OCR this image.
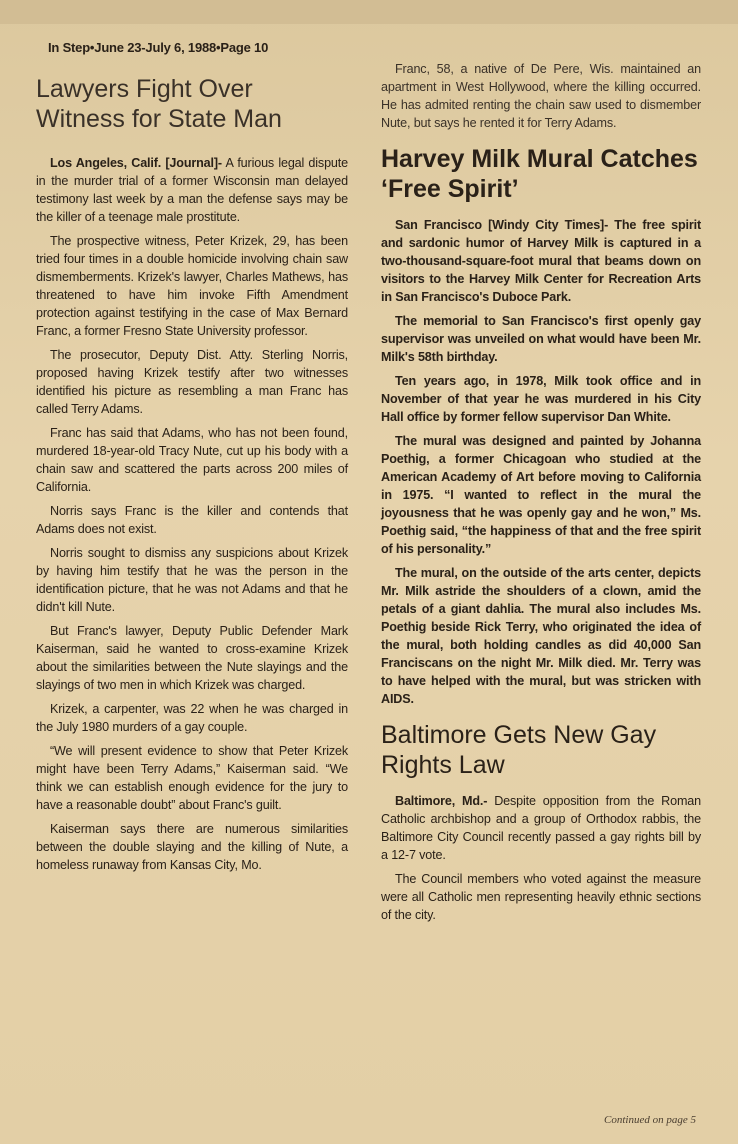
In Step•June 23-July 6, 1988•Page 10
Lawyers Fight Over Witness for State Man

Los Angeles, Calif. [Journal]- A furious legal dispute in the murder trial of a former Wisconsin man delayed testimony last week by a man the defense says may be the killer of a teenage male prostitute.

The prospective witness, Peter Krizek, 29, has been tried four times in a double homicide involving chain saw dismemberments. Krizek's lawyer, Charles Mathews, has threatened to have him invoke Fifth Amendment protection against testifying in the case of Max Bernard Franc, a former Fresno State University professor.

The prosecutor, Deputy Dist. Atty. Sterling Norris, proposed having Krizek testify after two witnesses identified his picture as resembling a man Franc has called Terry Adams.

Franc has said that Adams, who has not been found, murdered 18-year-old Tracy Nute, cut up his body with a chain saw and scattered the parts across 200 miles of California.

Norris says Franc is the killer and contends that Adams does not exist.

Norris sought to dismiss any suspicions about Krizek by having him testify that he was the person in the identification picture, that he was not Adams and that he didn't kill Nute.

But Franc's lawyer, Deputy Public Defender Mark Kaiserman, said he wanted to cross-examine Krizek about the similarities between the Nute slayings and the slayings of two men in which Krizek was charged.

Krizek, a carpenter, was 22 when he was charged in the July 1980 murders of a gay couple.

“We will present evidence to show that Peter Krizek might have been Terry Adams,” Kaiserman said. “We think we can establish enough evidence for the jury to have a reasonable doubt” about Franc's guilt.

Kaiserman says there are numerous similarities between the double slaying and the killing of Nute, a homeless runaway from Kansas City, Mo.

Franc, 58, a native of De Pere, Wis. maintained an apartment in West Hollywood, where the killing occurred. He has admited renting the chain saw used to dismember Nute, but says he rented it for Terry Adams.

Harvey Milk Mural Catches ‘Free Spirit’

San Francisco [Windy City Times]- The free spirit and sardonic humor of Harvey Milk is captured in a two-thousand-square-foot mural that beams down on visitors to the Harvey Milk Center for Recreation Arts in San Francisco's Duboce Park.

The memorial to San Francisco's first openly gay supervisor was unveiled on what would have been Mr. Milk's 58th birthday.

Ten years ago, in 1978, Milk took office and in November of that year he was murdered in his City Hall office by former fellow supervisor Dan White.

The mural was designed and painted by Johanna Poethig, a former Chicagoan who studied at the American Academy of Art before moving to California in 1975. “I wanted to reflect in the mural the joyousness that he was openly gay and he won,” Ms. Poethig said, “the happiness of that and the free spirit of his personality.”

The mural, on the outside of the arts center, depicts Mr. Milk astride the shoulders of a clown, amid the petals of a giant dahlia. The mural also includes Ms. Poethig beside Rick Terry, who originated the idea of the mural, both holding candles as did 40,000 San Franciscans on the night Mr. Milk died. Mr. Terry was to have helped with the mural, but was stricken with AIDS.

Baltimore Gets New Gay Rights Law

Baltimore, Md.- Despite opposition from the Roman Catholic archbishop and a group of Orthodox rabbis, the Baltimore City Council recently passed a gay rights bill by a 12-7 vote.

The Council members who voted against the measure were all Catholic men representing heavily ethnic sections of the city.

Continued on page 5
